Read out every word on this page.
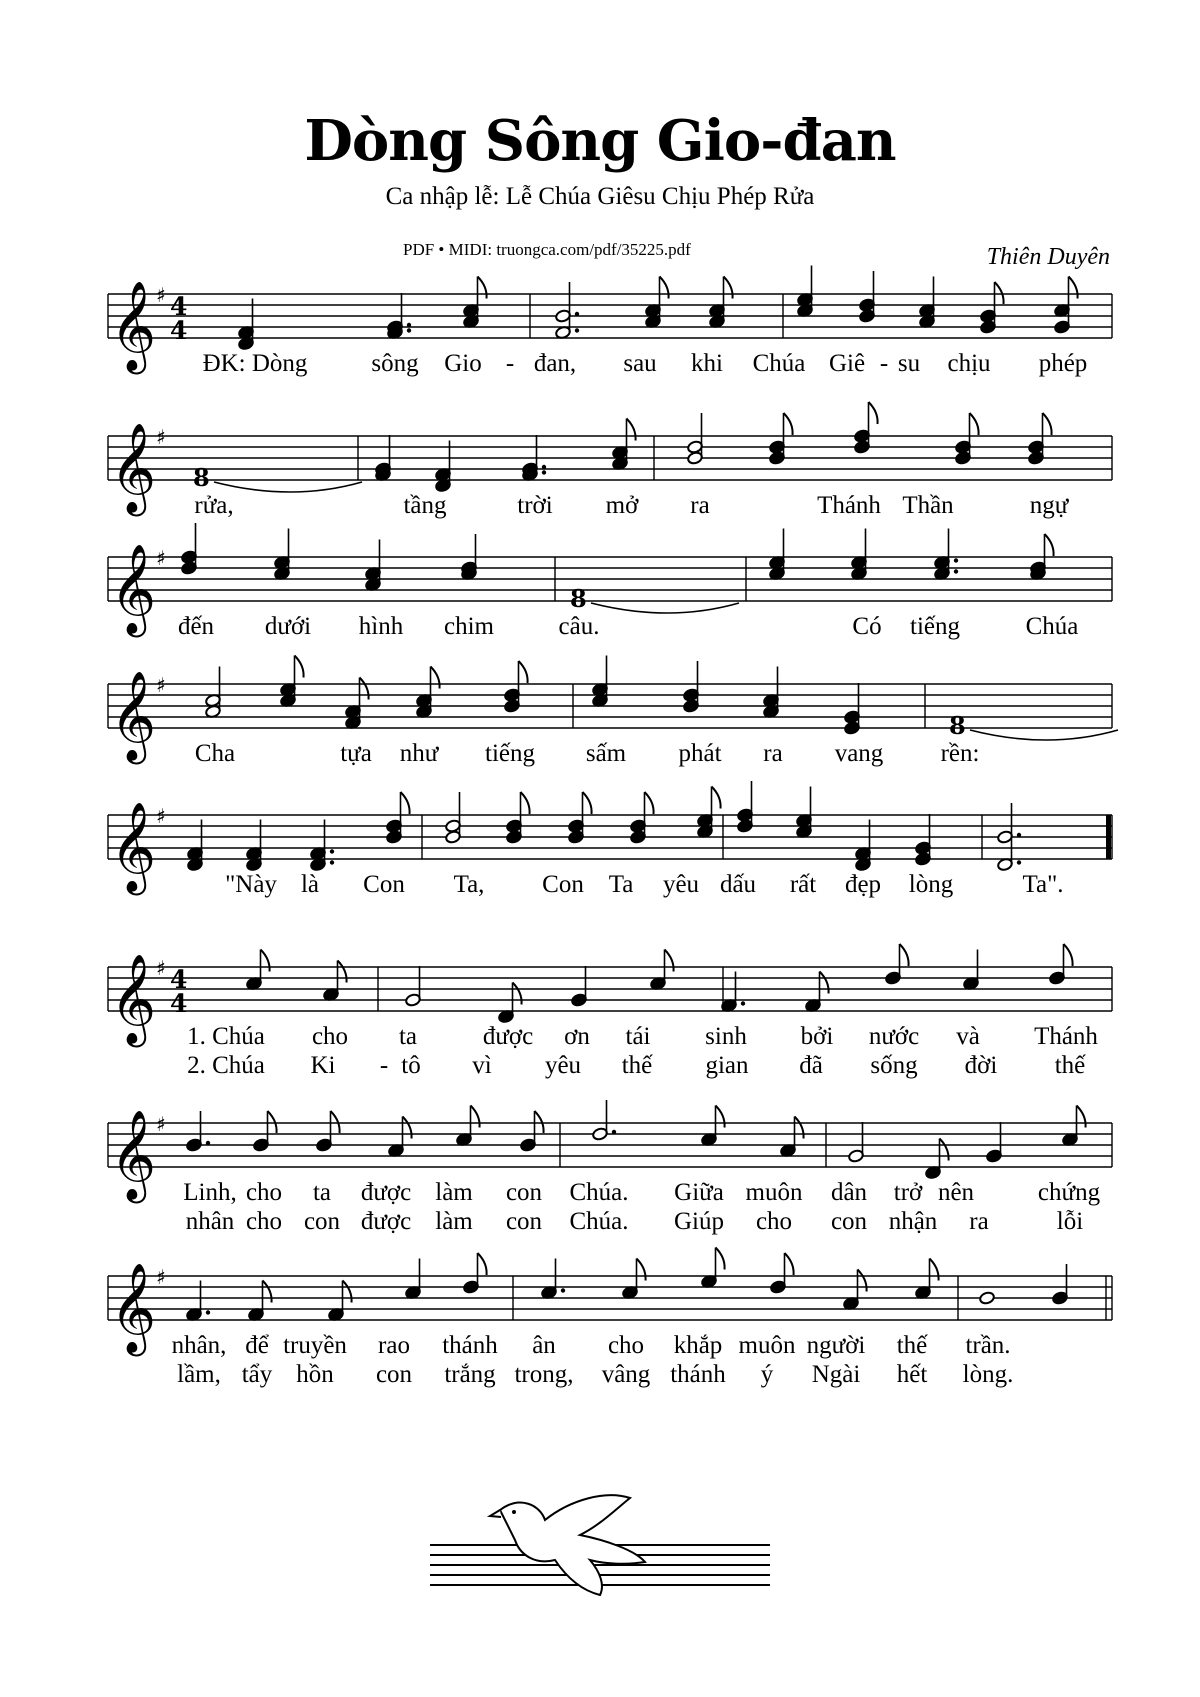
Dòng Sông Gio-đan
Ca nhập lễ: Lễ Chúa Giêsu Chịu Phép Rửa
PDF • MIDI: truongca.com/pdf/35225.pdf	Thiên Duyên
𝄞 ♯ 4
4
ĐK: Dòng	sông Gio - đan, sau khi Chúa Giê - su chịu phép
𝄞 ♯
8
rửa,	tầng	trời mở ra	Thánh Thần	ngự
𝄞 ♯
8
đến dưới hình chim	câu.	Có tiếng	Chúa
𝄞 ♯
8
Cha	tựa như tiếng sấm phát ra vang rền:
𝄞 ♯
"Này là Con Ta, Con Ta yêu dấu rất đẹp lòng	Ta".
𝄞 ♯ 4
4
1. Chúa cho ta	được ơn tái sinh bởi nước và Thánh
2. Chúa Ki - tô vì yêu thế gian đã sống đời thế
𝄞 ♯
Linh, cho ta được làm con Chúa. Giữa muôn dân trở nên	chứng
nhân cho con được làm con Chúa. Giúp cho con nhận ra	lỗi
𝄞 ♯
nhân, để truyền rao thánh ân cho khắp muôn người thế trần.
lầm, tẩy hồn con trắng trong, vâng thánh ý Ngài hết lòng.
